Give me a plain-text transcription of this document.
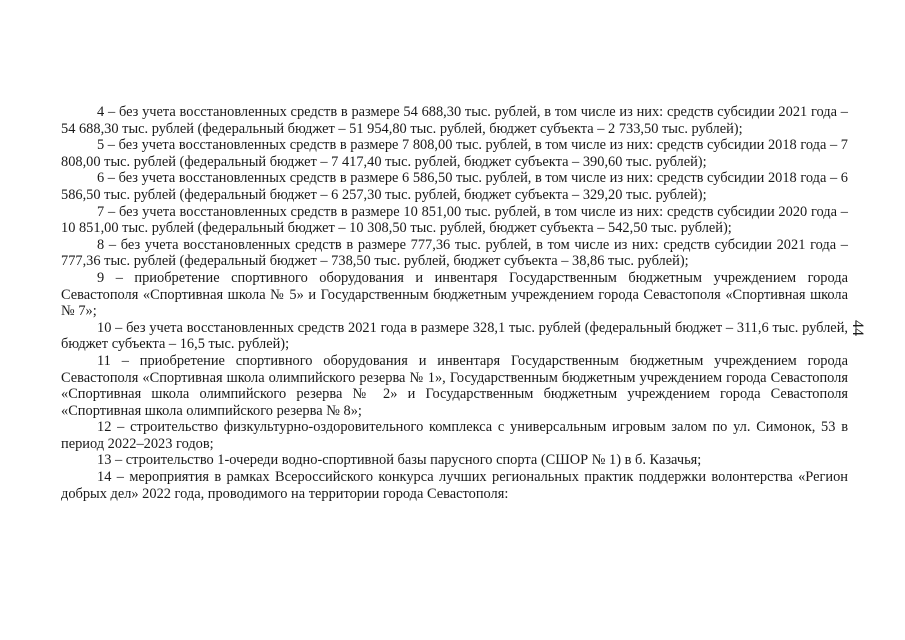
44

4 – без учета восстановленных средств в размере 54 688,30 тыс. рублей, в том числе из них: средств субсидии 2021 года – 54 688,30 тыс. рублей (федеральный бюджет – 51 954,80 тыс. рублей, бюджет субъекта – 2 733,50 тыс. рублей);

5 – без учета восстановленных средств в размере 7 808,00 тыс. рублей, в том числе из них: средств субсидии 2018 года – 7 808,00 тыс. рублей (федеральный бюджет – 7 417,40 тыс. рублей, бюджет субъекта – 390,60 тыс. рублей);

6 – без учета восстановленных средств в размере 6 586,50 тыс. рублей, в том числе из них: средств субсидии 2018 года – 6 586,50 тыс. рублей (федеральный бюджет – 6 257,30 тыс. рублей, бюджет субъекта – 329,20 тыс. рублей);

7 – без учета восстановленных средств в размере 10 851,00 тыс. рублей, в том числе из них: средств субсидии 2020 года – 10 851,00 тыс. рублей (федеральный бюджет – 10 308,50 тыс. рублей, бюджет субъекта – 542,50 тыс. рублей);

8 – без учета восстановленных средств в размере 777,36 тыс. рублей, в том числе из них: средств субсидии 2021 года – 777,36 тыс. рублей (федеральный бюджет – 738,50 тыс. рублей, бюджет субъекта – 38,86 тыс. рублей);

9 – приобретение спортивного оборудования и инвентаря Государственным бюджетным учреждением города Севастополя «Спортивная школа № 5» и Государственным бюджетным учреждением города Севастополя «Спортивная школа № 7»;

10 – без учета восстановленных средств 2021 года в размере 328,1 тыс. рублей (федеральный бюджет – 311,6 тыс. рублей, бюджет субъекта – 16,5 тыс. рублей);

11 – приобретение спортивного оборудования и инвентаря Государственным бюджетным учреждением города Севастополя «Спортивная школа олимпийского резерва № 1», Государственным бюджетным учреждением города Севастополя «Спортивная школа олимпийского резерва № 2» и Государственным бюджетным учреждением города Севастополя «Спортивная школа олимпийского резерва № 8»;

12 – строительство физкультурно-оздоровительного комплекса с универсальным игровым залом по ул. Симонок, 53 в период 2022–2023 годов;

13 – строительство 1-очереди водно-спортивной базы парусного спорта (СШОР № 1) в б. Казачья;

14 – мероприятия в рамках Всероссийского конкурса лучших региональных практик поддержки волонтерства «Регион добрых дел» 2022 года, проводимого на территории города Севастополя:
